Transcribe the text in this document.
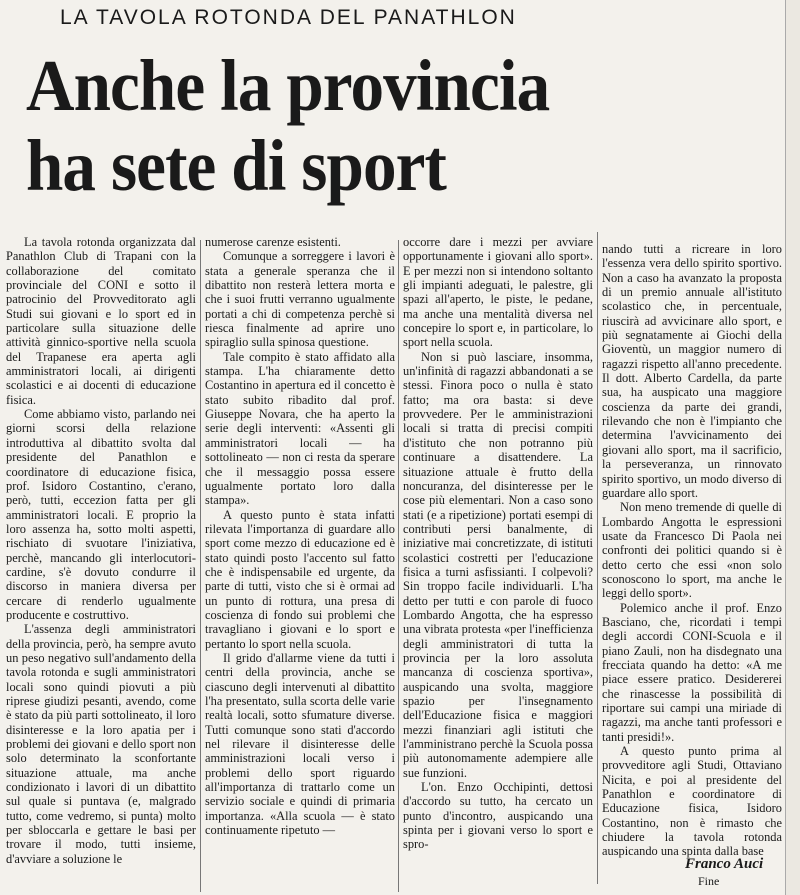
LA TAVOLA ROTONDA DEL PANATHLON
Anche la provincia
ha sete di sport

La tavola rotonda organizzata dal Panathlon Club di Trapani con la collaborazione del comitato provinciale del CONI e sotto il patrocinio del Provveditorato agli Studi sui giovani e lo sport ed in particolare sulla situazione delle attività ginnico-sportive nella scuola del Trapanese era aperta agli amministratori locali, ai dirigenti scolastici e ai docenti di educazione fisica.

Come abbiamo visto, parlando nei giorni scorsi della relazione introduttiva al dibattito svolta dal presidente del Panathlon e coordinatore di educazione fisica, prof. Isidoro Costantino, c'erano, però, tutti, eccezion fatta per gli amministratori locali. E proprio la loro assenza ha, sotto molti aspetti, rischiato di svuotare l'iniziativa, perchè, mancando gli interlocutori-cardine, s'è dovuto condurre il discorso in maniera diversa per cercare di renderlo ugualmente producente e costruttivo.

L'assenza degli amministratori della provincia, però, ha sempre avuto un peso negativo sull'andamento della tavola rotonda e sugli amministratori locali sono quindi piovuti a più riprese giudizi pesanti, avendo, come è stato da più parti sottolineato, il loro disinteresse e la loro apatia per i problemi dei giovani e dello sport non solo determinato la sconfortante situazione attuale, ma anche condizionato i lavori di un dibattito sul quale si puntava (e, malgrado tutto, come vedremo, si punta) molto per sbloccarla e gettare le basi per trovare il modo, tutti insieme, d'avviare a soluzione le

numerose carenze esistenti.

Comunque a sorreggere i lavori è stata a generale speranza che il dibattito non resterà lettera morta e che i suoi frutti verranno ugualmente portati a chi di competenza perchè si riesca finalmente ad aprire uno spiraglio sulla spinosa questione.

Tale compito è stato affidato alla stampa. L'ha chiaramente detto Costantino in apertura ed il concetto è stato subito ribadito dal prof. Giuseppe Novara, che ha aperto la serie degli interventi: «Assenti gli amministratori locali — ha sottolineato — non ci resta da sperare che il messaggio possa essere ugualmente portato loro dalla stampa».

A questo punto è stata infatti rilevata l'importanza di guardare allo sport come mezzo di educazione ed è stato quindi posto l'accento sul fatto che è indispensabile ed urgente, da parte di tutti, visto che si è ormai ad un punto di rottura, una presa di coscienza di fondo sui problemi che travagliano i giovani e lo sport e pertanto lo sport nella scuola.

Il grido d'allarme viene da tutti i centri della provincia, anche se ciascuno degli intervenuti al dibattito l'ha presentato, sulla scorta delle varie realtà locali, sotto sfumature diverse. Tutti comunque sono stati d'accordo nel rilevare il disinteresse delle amministrazioni locali verso i problemi dello sport riguardo all'importanza di trattarlo come un servizio sociale e quindi di primaria importanza. «Alla scuola — è stato continuamente ripetuto —

occorre dare i mezzi per avviare opportunamente i giovani allo sport». E per mezzi non si intendono soltanto gli impianti adeguati, le palestre, gli spazi all'aperto, le piste, le pedane, ma anche una mentalità diversa nel concepire lo sport e, in particolare, lo sport nella scuola.

Non si può lasciare, insomma, un'infinità di ragazzi abbandonati a se stessi. Finora poco o nulla è stato fatto; ma ora basta: si deve provvedere. Per le amministrazioni locali si tratta di precisi compiti d'istituto che non potranno più continuare a disattendere. La situazione attuale è frutto della noncuranza, del disinteresse per le cose più elementari. Non a caso sono stati (e a ripetizione) portati esempi di contributi persi banalmente, di iniziative mai concretizzate, di istituti scolastici costretti per l'educazione fisica a turni asfissianti. I colpevoli? Sin troppo facile individuarli. L'ha detto per tutti e con parole di fuoco Lombardo Angotta, che ha espresso una vibrata protesta «per l'inefficienza degli amministratori di tutta la provincia per la loro assoluta mancanza di coscienza sportiva», auspicando una svolta, maggiore spazio per l'insegnamento dell'Educazione fisica e maggiori mezzi finanziari agli istituti che l'amministrano perchè la Scuola possa più autonomamente adempiere alle sue funzioni.

L'on. Enzo Occhipinti, dettosi d'accordo su tutto, ha cercato un punto d'incontro, auspicando una spinta per i giovani verso lo sport e spro-

nando tutti a ricreare in loro l'essenza vera dello spirito sportivo. Non a caso ha avanzato la proposta di un premio annuale all'istituto scolastico che, in percentuale, riuscirà ad avvicinare allo sport, e più segnatamente ai Giochi della Gioventù, un maggior numero di ragazzi rispetto all'anno precedente. Il dott. Alberto Cardella, da parte sua, ha auspicato una maggiore coscienza da parte dei grandi, rilevando che non è l'impianto che determina l'avvicinamento dei giovani allo sport, ma il sacrificio, la perseveranza, un rinnovato spirito sportivo, un modo diverso di guardare allo sport.

Non meno tremende di quelle di Lombardo Angotta le espressioni usate da Francesco Di Paola nei confronti dei politici quando si è detto certo che essi «non solo sconoscono lo sport, ma anche le leggi dello sport».

Polemico anche il prof. Enzo Basciano, che, ricordati i tempi degli accordi CONI-Scuola e il piano Zauli, non ha disdegnato una frecciata quando ha detto: «A me piace essere pratico. Desidererei che rinascesse la possibilità di riportare sui campi una miriade di ragazzi, ma anche tanti professori e tanti presidi!».

A questo punto prima al provveditore agli Studi, Ottaviano Nicita, e poi al presidente del Panathlon e coordinatore di Educazione fisica, Isidoro Costantino, non è rimasto che chiudere la tavola rotonda auspicando una spinta dalla base

Franco Auci
Fine
